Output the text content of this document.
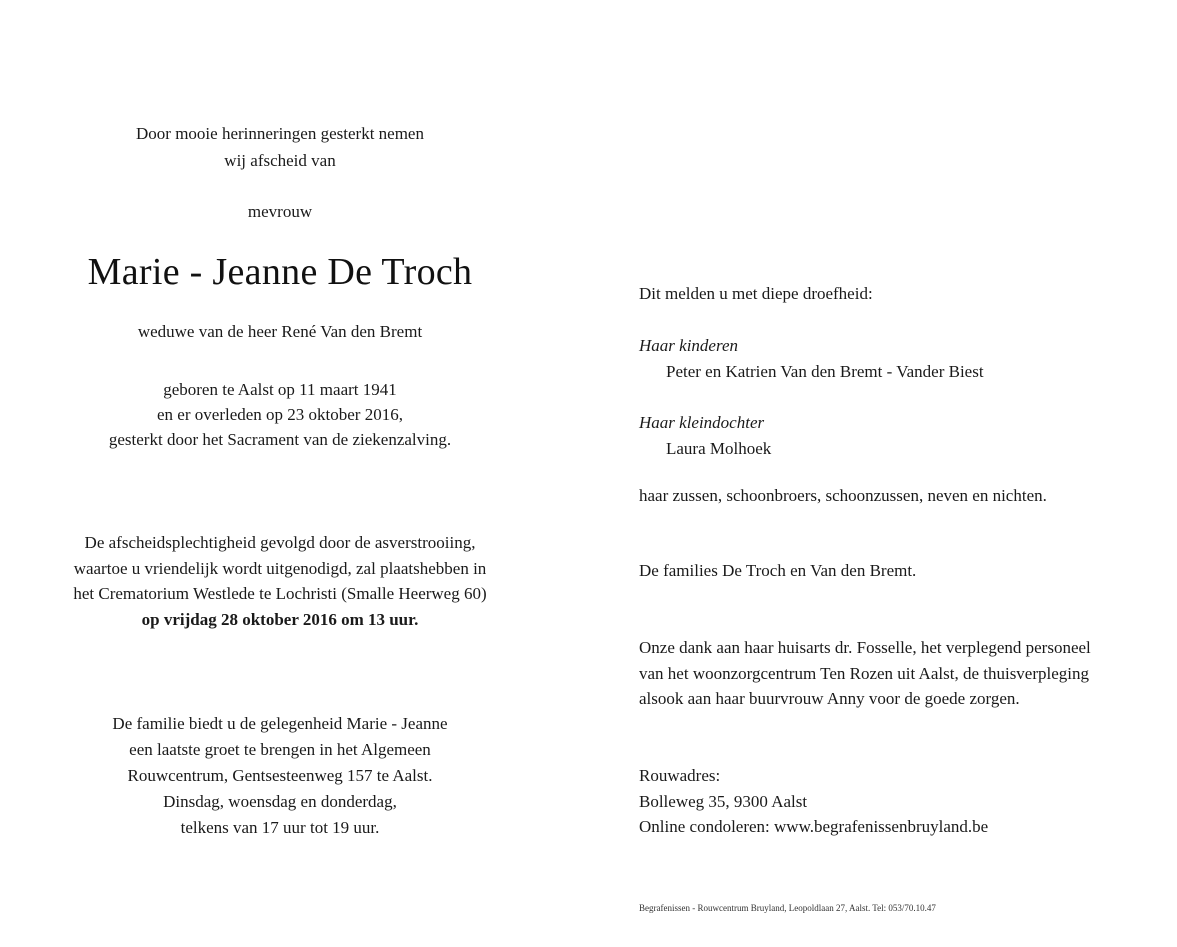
Door mooie herinneringen gesterkt nemen
wij afscheid van
mevrouw
Marie - Jeanne De Troch
weduwe van de heer René Van den Bremt
geboren te Aalst op 11 maart 1941
en er overleden op 23 oktober 2016,
gesterkt door het Sacrament van de ziekenzalving.
De afscheidsplechtigheid gevolgd door de asverstrooiing,
waartoe u vriendelijk wordt uitgenodigd, zal plaatshebben in
het Crematorium Westlede te Lochristi (Smalle Heerweg 60)
op vrijdag 28 oktober 2016 om 13 uur.
De familie biedt u de gelegenheid Marie - Jeanne
een laatste groet te brengen in het Algemeen
Rouwcentrum, Gentsesteenweg 157 te Aalst.
Dinsdag, woensdag en donderdag,
telkens van 17 uur tot 19 uur.
Dit melden u met diepe droefheid:
Haar kinderen
Peter en Katrien Van den Bremt - Vander Biest
Haar kleindochter
Laura Molhoek
haar zussen, schoonbroers, schoonzussen, neven en nichten.
De families De Troch en Van den Bremt.
Onze dank aan haar huisarts dr. Fosselle, het verplegend personeel
van het woonzorgcentrum Ten Rozen uit Aalst, de thuisverpleging
alsook aan haar buurvrouw Anny voor de goede zorgen.
Rouwadres:
Bolleweg 35, 9300 Aalst
Online condoleren: www.begrafenissenbruyland.be
Begrafenissen - Rouwcentrum Bruyland, Leopoldlaan 27, Aalst. Tel: 053/70.10.47
